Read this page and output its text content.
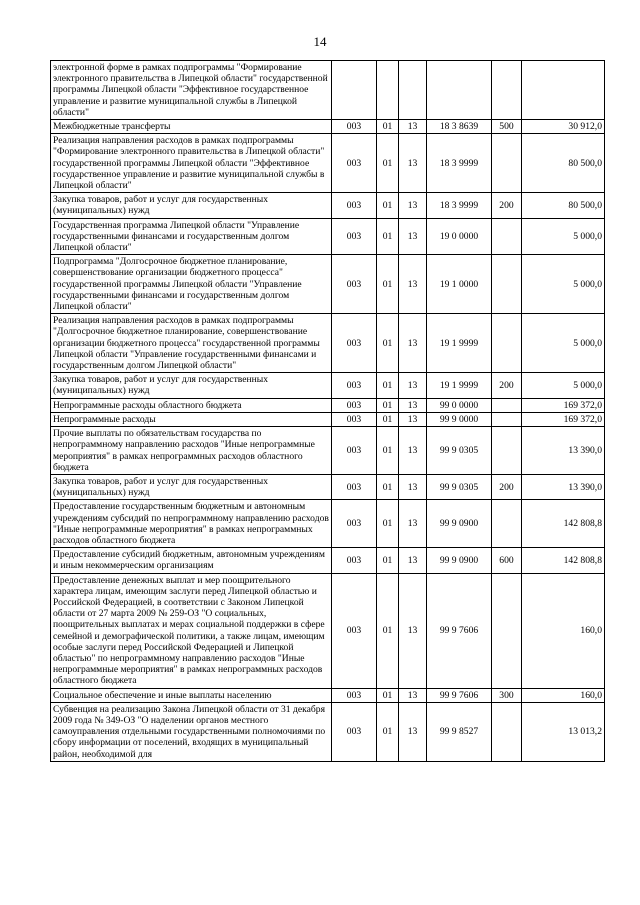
14
электронной форме в рамках подпрограммы "Формирование электронного правительства в Липецкой области" государственной программы Липецкой области "Эффективное государственное управление и развитие муниципальной службы в Липецкой области"						
Межбюджетные трансферты	003	01	13	18 3 8639	500	30 912,0
Реализация направления расходов в рамках подпрограммы "Формирование электронного правительства в Липецкой области" государственной программы Липецкой области "Эффективное государственное управление и развитие муниципальной службы в Липецкой области"	003	01	13	18 3 9999		80 500,0
Закупка товаров, работ и услуг для государственных (муниципальных) нужд	003	01	13	18 3 9999	200	80 500,0
Государственная программа Липецкой области "Управление государственными финансами и государственным долгом Липецкой области"	003	01	13	19 0 0000		5 000,0
Подпрограмма "Долгосрочное бюджетное планирование, совершенствование организации бюджетного процесса" государственной программы Липецкой области "Управление государственными финансами и государственным долгом Липецкой области"	003	01	13	19 1 0000		5 000,0
Реализация направления расходов в рамках подпрограммы "Долгосрочное бюджетное планирование, совершенствование организации бюджетного процесса" государственной программы Липецкой области "Управление государственными финансами и государственным долгом Липецкой области"	003	01	13	19 1 9999		5 000,0
Закупка товаров, работ и услуг для государственных (муниципальных) нужд	003	01	13	19 1 9999	200	5 000,0
Непрограммные расходы областного бюджета	003	01	13	99 0 0000		169 372,0
Непрограммные расходы	003	01	13	99 9 0000		169 372,0
Прочие выплаты по обязательствам государства по непрограммному направлению расходов "Иные непрограммные мероприятия" в рамках непрограммных расходов областного бюджета	003	01	13	99 9 0305		13 390,0
Закупка товаров, работ и услуг для государственных (муниципальных) нужд	003	01	13	99 9 0305	200	13 390,0
Предоставление государственным бюджетным и автономным учреждениям субсидий по непрограммному направлению расходов "Иные непрограммные мероприятия" в рамках непрограммных расходов областного бюджета	003	01	13	99 9 0900		142 808,8
Предоставление субсидий бюджетным, автономным учреждениям и иным некоммерческим организациям	003	01	13	99 9 0900	600	142 808,8
Предоставление денежных выплат и мер поощрительного характера лицам, имеющим заслуги перед Липецкой областью и Российской Федерацией, в соответствии с Законом Липецкой области от 27 марта 2009 № 259-ОЗ "О социальных, поощрительных выплатах и мерах социальной поддержки в сфере семейной и демографической политики, а также лицам, имеющим особые заслуги перед Российской Федерацией и Липецкой областью" по непрограммному направлению расходов "Иные непрограммные мероприятия" в рамках непрограммных расходов областного бюджета	003	01	13	99 9 7606		160,0
Социальное обеспечение и иные выплаты населению	003	01	13	99 9 7606	300	160,0
Субвенция на реализацию Закона Липецкой области от 31 декабря 2009 года № 349-ОЗ "О наделении органов местного самоуправления отдельными государственными полномочиями по сбору информации от поселений, входящих в муниципальный район, необходимой для	003	01	13	99 9 8527		13 013,2
